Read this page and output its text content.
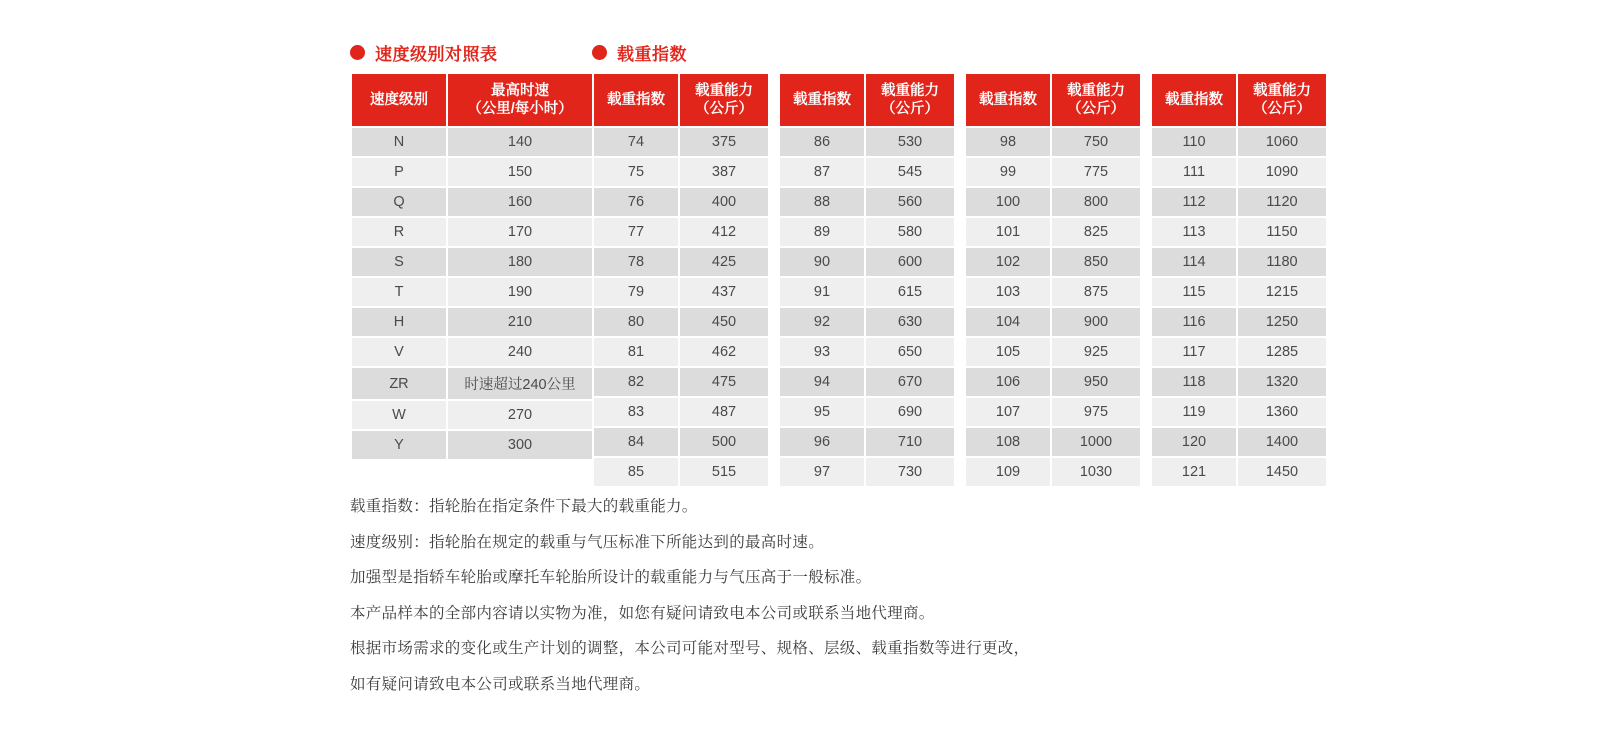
速度级别对照表	载重指数
速度级别	最高时速
（公里/每小时）

N	140
P	150
Q	160
R	170
S	180
T	190
H	210
V	240
ZR	时速超过240公里
W	270
Y	300
载重指数	
载重能力
（公斤）
		载重指数	
载重能力
（公斤）
		载重指数	
载重能力
（公斤）
		载重指数	
载重能力
（公斤）

74	375		86	530		98	750		110	1060
75	387		87	545		99	775		111	1090
76	400		88	560		100	800		112	1120
77	412		89	580		101	825		113	1150
78	425		90	600		102	850		114	1180
79	437		91	615		103	875		115	1215
80	450		92	630		104	900		116	1250
81	462		93	650		105	925		117	1285
82	475		94	670		106	950		118	1320
83	487		95	690		107	975		119	1360
84	500		96	710		108	1000		120	1400
85	515		97	730		109	1030		121	1450

载重指数：指轮胎在指定条件下最大的载重能力。

速度级别：指轮胎在规定的载重与气压标准下所能达到的最高时速。

加强型是指轿车轮胎或摩托车轮胎所设计的载重能力与气压高于一般标准。

本产品样本的全部内容请以实物为准，如您有疑问请致电本公司或联系当地代理商。

根据市场需求的变化或生产计划的调整，本公司可能对型号、规格、层级、载重指数等进行更改，

如有疑问请致电本公司或联系当地代理商。
